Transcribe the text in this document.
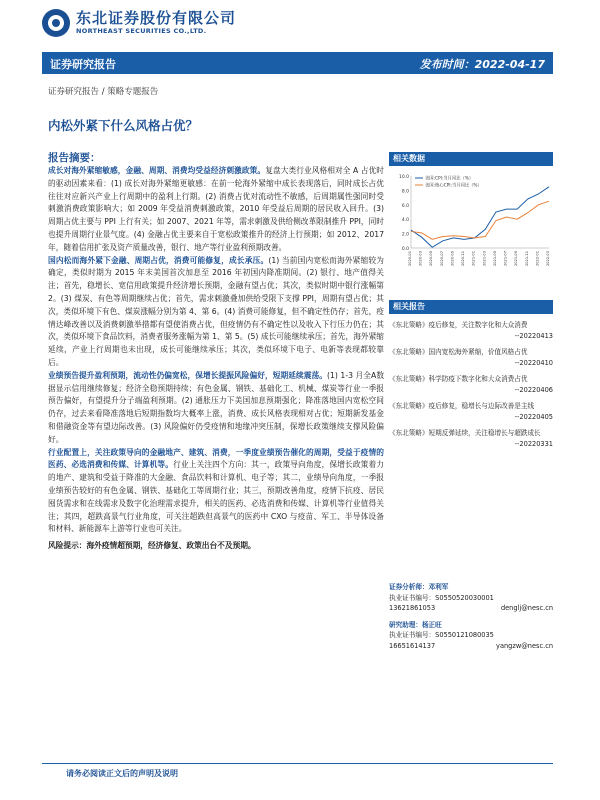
东北证券股份有限公司
NORTHEAST SECURITIES CO.,LTD.
证券研究报告	发布时间：2022-04-17
证券研究报告 / 策略专题报告
内松外紧下什么风格占优？
报告摘要：

成长对海外紧缩敏感，金融、周期、消费均受益经济刺激政策。复盘大类行业风格相对全 A 占优时的驱动因素来看：(1) 成长对海外紧缩更敏感：在前一轮海外紧缩中成长表现落后，同时成长占优往往对应新兴产业上行周期中的盈利上行期。(2) 消费占优对流动性不敏感，后周期属性强同时受刺激消费政策影响大；如 2009 年受益消费刺激政策，2010 年受益后周期的居民收入回升。(3) 周期占优主要与 PPI 上行有关；如 2007、2021 年等，需求刺激及供给侧改革限制推升 PPI，同时也提升周期行业景气度。(4) 金融占优主要来自于宽松政策推升的经济上行预期；如 2012、2017 年，随着信用扩张及资产质量改善，银行、地产等行业盈利预期改善。

国内松而海外紧下金融、周期占优，消费可能修复，成长承压。(1) 当前国内宽松而海外紧缩较为确定，类似时期为 2015 年末美国首次加息至 2016 年初国内降准期间。(2) 银行、地产值得关注；首先，稳增长、宽信用政策提升经济增长预期，金融有望占优；其次，类似时期中银行涨幅第 2。(3) 煤炭、有色等周期继续占优；首先，需求刺激叠加供给受限下支撑 PPI，周期有望占优；其次，类似环境下有色、煤炭涨幅分别为第 4、第 6。(4) 消费可能修复，但不确定性仍存；首先，疫情达峰改善以及消费刺激举措都有望使消费占优，但疫情仍有不确定性以及收入下行压力仍在；其次，类似环境下食品饮料，消费者服务涨幅为第 1、第 5。(5) 成长可能继续承压；首先，海外紧缩延续，产业上行周期也未出现，成长可能继续承压；其次，类似环境下电子、电新等表现都较靠后。

业绩预告提升盈利预期，流动性仍偏宽松，保增长提振风险偏好，短期延续震荡。(1) 1-3 月全A数据显示信用继续修复；经济全稳预期持续；有色金属、钢铁、基础化工、机械、煤炭等行业一季报预告偏好，有望提升分子端盈利预期。(2) 通胀压力下美国加息预期强化；降准落地国内宽松空间仍存，过去来看降准落地后短期指数均大概率上涨，消费、成长风格表现相对占优；短期新发基金和借融资金等有望边际改善。(3) 风险偏好仍受疫情和地缘冲突压制，保增长政策继续支撑风险偏好。

行业配置上，关注政策导向的金融地产、建筑、消费，一季度业绩预告催化的周期，受益于疫情的医药、必选消费和传媒、计算机等。行业上关注四个方向：其一，政策导向角度，保增长政策着力的地产、建筑和受益于降准的大金融、食品饮料和计算机、电子等；其二，业绩导向角度，一季报业绩预告较好的有色金属、钢铁、基础化工等周期行业；其三，预期改善角度，疫情下抗疫、居民囤货需求和在线需求及数字化治理需求提升，相关的医药、必选消费和传媒、计算机等行业值得关注；其四，超跌高景气行业角度，可关注超跌但高景气的医药中 CXO 与疫苗、军工、半导体设备和材料、新能源车上游等行业也可关注。

风险提示：海外疫情超预期，经济修复、政策出台不及预期。

相关数据
10.0
8.0
6.0
4.0
2.0
0.0
2020-01 2020-03 2020-05 2020-07 2020-09 2020-11 2021-01 2021-03 2021-05 2021-07 2021-09 2021-11 2022-01 2022-03
美国:CPI:当月同比（%）
美国:核心CPI:当月同比（%）
相关报告
《东北策略》疫后修复，关注数字化和大众消费
--20220413
《东北策略》国内宽松海外紧缩，价值风格占优
--20220410
《东北策略》科学防疫下数字化和大众消费占优
--20220406
《东北策略》疫后修复，稳增长与边际改善是主线
--20220405
《东北策略》短期反弹延续，关注稳增长与超跌成长
--20220331
证券分析师：邓利军
执业证书编号：S0550520030001
13621861053	denglj@nesc.cn
研究助理：杨正旺
执业证书编号：S0550121080035
16651614137	yangzw@nesc.cn
请务必阅读正文后的声明及说明
